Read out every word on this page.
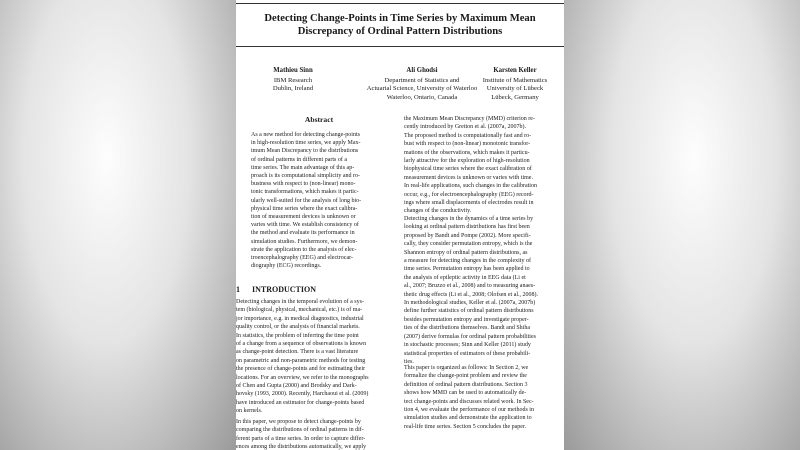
Detecting Change-Points in Time Series by Maximum Mean
Discrepancy of Ordinal Pattern Distributions
Mathieu Sinn
IBM Research
Dublin, Ireland
Ali Ghodsi
Department of Statistics and
Actuarial Science, University of Waterloo
Waterloo, Ontario, Canada
Karsten Keller
Institute of Mathematics
University of Lübeck
Lübeck, Germany
Abstract
As a new method for detecting change-points
in high-resolution time series, we apply Max-
imum Mean Discrepancy to the distributions
of ordinal patterns in different parts of a
time series. The main advantage of this ap-
proach is its computational simplicity and ro-
bustness with respect to (non-linear) mono-
tonic transformations, which makes it partic-
ularly well-suited for the analysis of long bio-
physical time series where the exact calibra-
tion of measurement devices is unknown or
varies with time. We establish consistency of
the method and evaluate its performance in
simulation studies. Furthermore, we demon-
strate the application to the analysis of elec-
troencephalography (EEG) and electrocar-
diography (ECG) recordings.
1 INTRODUCTION
Detecting changes in the temporal evolution of a sys-
tem (biological, physical, mechanical, etc.) is of ma-
jor importance, e.g. in medical diagnostics, industrial
quality control, or the analysis of financial markets.
In statistics, the problem of inferring the time point
of a change from a sequence of observations is known
as change-point detection. There is a vast literature
on parametric and non-parametric methods for testing
the presence of change-points and for estimating their
locations. For an overview, we refer to the monographs
of Chen and Gupta (2000) and Brodsky and Dark-
hovsky (1993, 2000). Recently, Harchaoui et al. (2009)
have introduced an estimator for change-points based
on kernels.
In this paper, we propose to detect change-points by
comparing the distributions of ordinal patterns in dif-
ferent parts of a time series. In order to capture differ-
ences among the distributions automatically, we apply
the Maximum Mean Discrepancy (MMD) criterion re-
cently introduced by Gretton et al. (2007a, 2007b).
The proposed method is computationally fast and ro-
bust with respect to (non-linear) monotonic transfor-
mations of the observations, which makes it particu-
larly attractive for the exploration of high-resolution
biophysical time series where the exact calibration of
measurement devices is unknown or varies with time.
In real-life applications, such changes in the calibration
occur, e.g., for electroencephalography (EEG) record-
ings where small displacements of electrodes result in
changes of the conductivity.
Detecting changes in the dynamics of a time series by
looking at ordinal pattern distributions has first been
proposed by Bandt and Pompe (2002). More specifi-
cally, they consider permutation entropy, which is the
Shannon entropy of ordinal pattern distributions, as
a measure for detecting changes in the complexity of
time series. Permutation entropy has been applied to
the analysis of epileptic activity in EEG data (Li et
al., 2007; Bruzzo et al., 2008) and to measuring anaes-
thetic drug effects (Li et al., 2008; Olofsen et al., 2008).
In methodological studies, Keller et al. (2007a, 2007b)
define further statistics of ordinal pattern distributions
besides permutation entropy and investigate proper-
ties of the distributions themselves. Bandt and Shiha
(2007) derive formulas for ordinal pattern probabilities
in stochastic processes; Sinn and Keller (2011) study
statistical properties of estimators of these probabili-
ties.
This paper is organized as follows: In Section 2, we
formalize the change-point problem and review the
definition of ordinal pattern distributions. Section 3
shows how MMD can be used to automatically de-
tect change-points and discusses related work. In Sec-
tion 4, we evaluate the performance of our methods in
simulation studies and demonstrate the application to
real-life time series. Section 5 concludes the paper.
